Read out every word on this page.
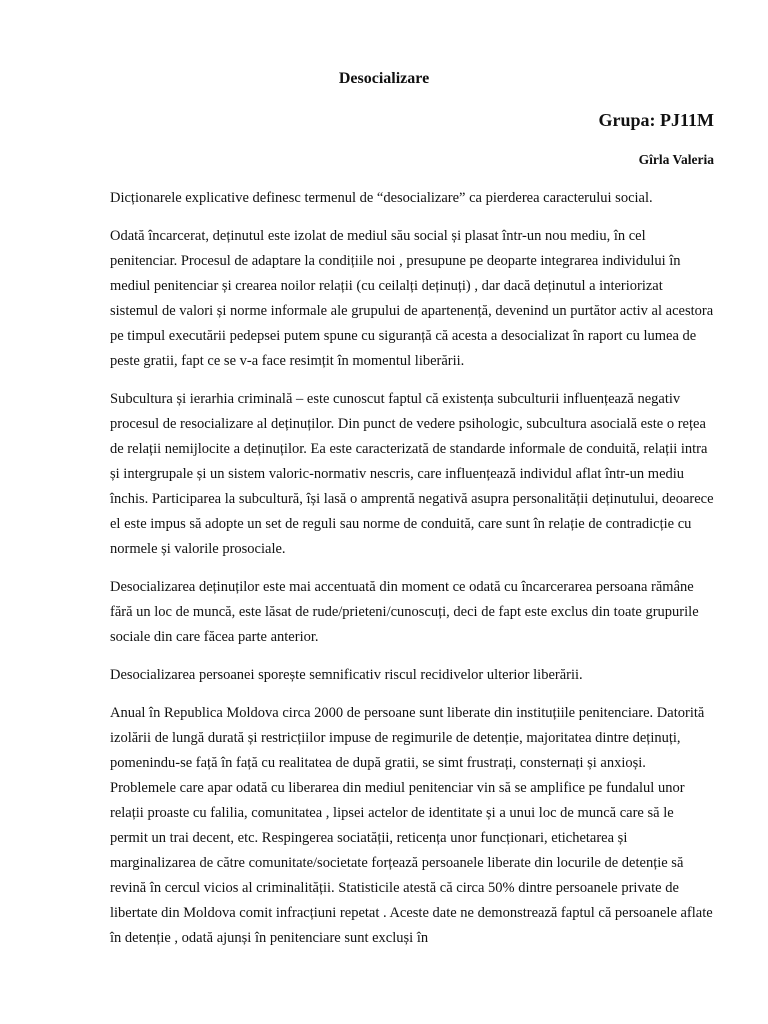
Desocializare
Grupa: PJ11M
Gîrla Valeria

Dicționarele explicative definesc termenul de “desocializare” ca pierderea caracterului social.

Odată încarcerat, deținutul este izolat de mediul său social și plasat într-un nou mediu, în cel penitenciar. Procesul de adaptare la condițiile noi , presupune pe deoparte integrarea individului în mediul penitenciar și crearea noilor relații (cu ceilalți deținuți) , dar dacă deținutul a interiorizat sistemul de valori și norme informale ale grupului de apartenență, devenind un purtător activ al acestora pe timpul executării pedepsei putem spune cu siguranță că acesta a desocializat în raport cu lumea de peste gratii, fapt ce se v-a face resimțit în momentul liberării.

Subcultura și ierarhia criminală – este cunoscut faptul că existența subculturii influențează negativ procesul de resocializare al deținuților. Din punct de vedere psihologic, subcultura asocială este o rețea de relații nemijlocite a deținuților. Ea este caracterizată de standarde informale de conduită, relații intra și intergrupale și un sistem valoric-normativ nescris, care influențează individul aflat într-un mediu închis. Participarea la subcultură, își lasă o amprentă negativă asupra personalității deținutului, deoarece el este impus să adopte un set de reguli sau norme de conduită, care sunt în relație de contradicție cu normele și valorile prosociale.

Desocializarea deținuților este mai accentuată din moment ce odată cu încarcerarea persoana rămâne fără un loc de muncă, este lăsat de rude/prieteni/cunoscuți, deci de fapt este exclus din toate grupurile sociale din care făcea parte anterior.

Desocializarea persoanei sporește semnificativ riscul recidivelor ulterior liberării.

Anual în Republica Moldova circa 2000 de persoane sunt liberate din instituțiile penitenciare. Datorită izolării de lungă durată și restricțiilor impuse de regimurile de detenție, majoritatea dintre deținuți, pomenindu-se față în față cu realitatea de după gratii, se simt frustrați, consternați și anxioși. Problemele care apar odată cu liberarea din mediul penitenciar vin să se amplifice pe fundalul unor relații proaste cu falilia, comunitatea , lipsei actelor de identitate și a unui loc de muncă care să le permit un trai decent, etc. Respingerea sociatății, reticența unor funcționari, etichetarea și marginalizarea de către comunitate/societate forțează persoanele liberate din locurile de detenție să revină în cercul vicios al criminalității. Statisticile atestă că circa 50% dintre persoanele private de libertate din Moldova comit infracțiuni repetat . Aceste date ne demonstrează faptul că persoanele aflate în detenție , odată ajunși în penitenciare sunt excluși în
